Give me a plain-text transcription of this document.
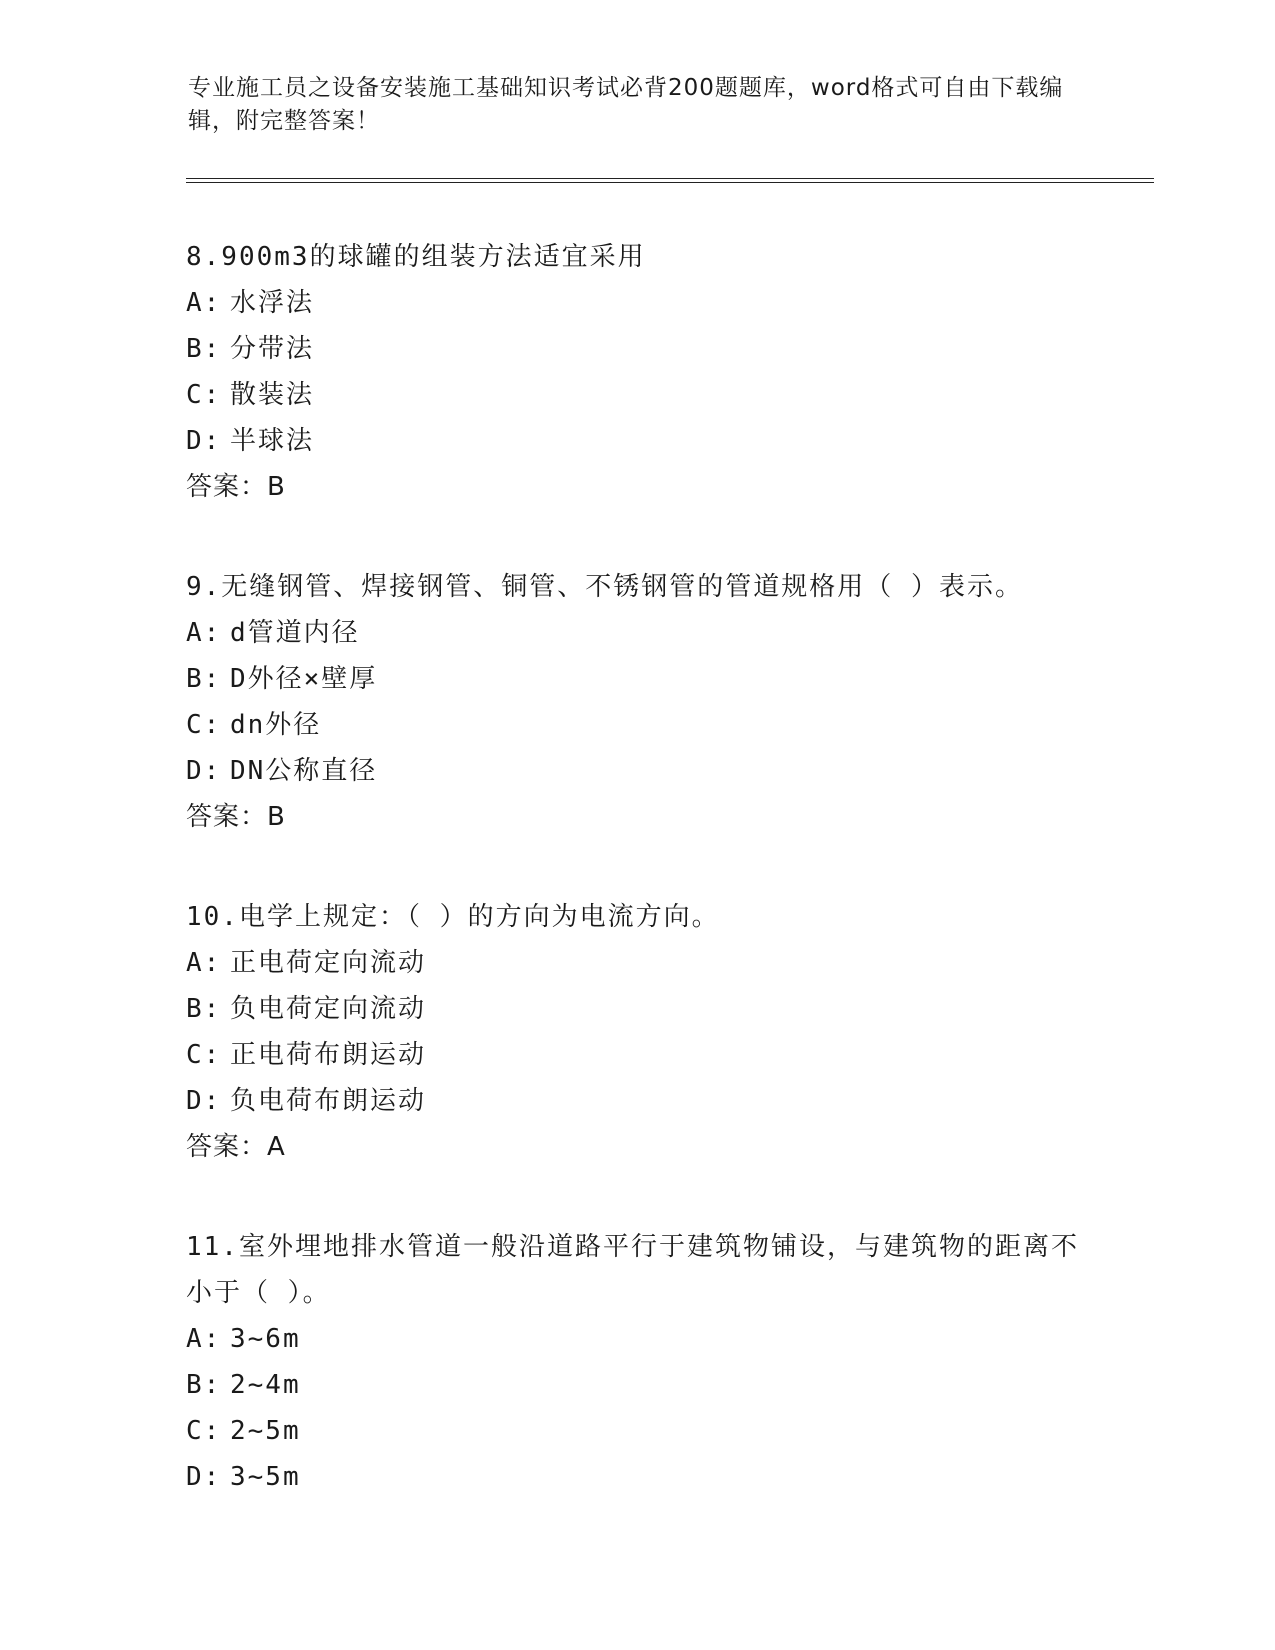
专业施工员之设备安装施工基础知识考试必背200题题库，word格式可自由下载编辑，附完整答案！
8.900m3的球罐的组装方法适宜采用
A: 水浮法
B: 分带法
C: 散装法
D: 半球法
答案：B
9.无缝钢管、焊接钢管、铜管、不锈钢管的管道规格用（ ）表示。
A: d管道内径
B: D外径×壁厚
C: dn外径
D: DN公称直径
答案：B
10.电学上规定：（ ）的方向为电流方向。
A: 正电荷定向流动
B: 负电荷定向流动
C: 正电荷布朗运动
D: 负电荷布朗运动
答案：A
11.室外埋地排水管道一般沿道路平行于建筑物铺设，与建筑物的距离不小于（ ）。
A: 3~6m
B: 2~4m
C: 2~5m
D: 3~5m
